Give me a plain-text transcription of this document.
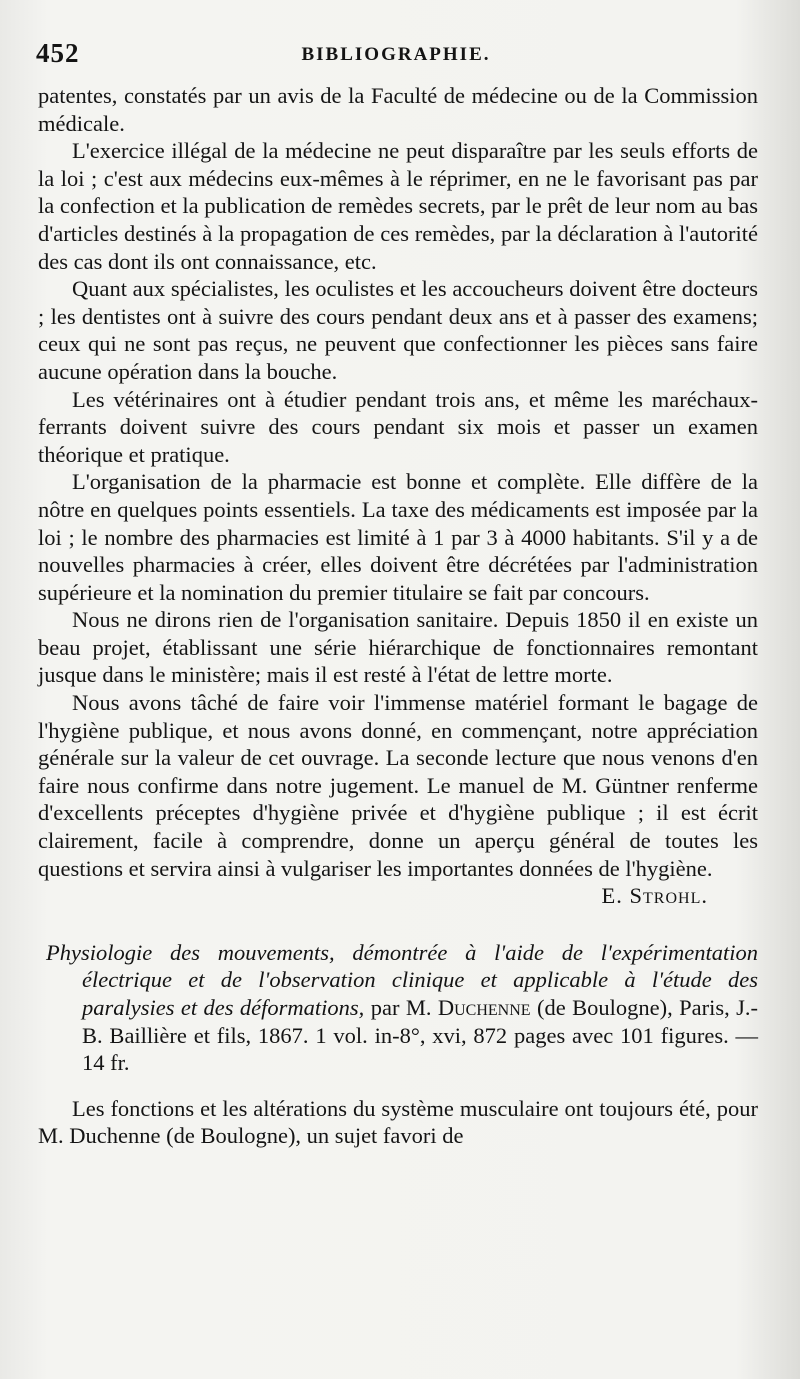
452	BIBLIOGRAPHIE.

patentes, constatés par un avis de la Faculté de médecine ou de la Commission médicale.

L'exercice illégal de la médecine ne peut disparaître par les seuls efforts de la loi ; c'est aux médecins eux-mêmes à le réprimer, en ne le favorisant pas par la confection et la publication de remèdes secrets, par le prêt de leur nom au bas d'articles destinés à la propagation de ces remèdes, par la déclaration à l'autorité des cas dont ils ont connaissance, etc.

Quant aux spécialistes, les oculistes et les accoucheurs doivent être docteurs ; les dentistes ont à suivre des cours pendant deux ans et à passer des examens; ceux qui ne sont pas reçus, ne peuvent que confectionner les pièces sans faire aucune opération dans la bouche.

Les vétérinaires ont à étudier pendant trois ans, et même les maréchaux-ferrants doivent suivre des cours pendant six mois et passer un examen théorique et pratique.

L'organisation de la pharmacie est bonne et complète. Elle diffère de la nôtre en quelques points essentiels. La taxe des médicaments est imposée par la loi ; le nombre des pharmacies est limité à 1 par 3 à 4000 habitants. S'il y a de nouvelles pharmacies à créer, elles doivent être décrétées par l'administration supérieure et la nomination du premier titulaire se fait par concours.

Nous ne dirons rien de l'organisation sanitaire. Depuis 1850 il en existe un beau projet, établissant une série hiérarchique de fonctionnaires remontant jusque dans le ministère; mais il est resté à l'état de lettre morte.

Nous avons tâché de faire voir l'immense matériel formant le bagage de l'hygiène publique, et nous avons donné, en commençant, notre appréciation générale sur la valeur de cet ouvrage. La seconde lecture que nous venons d'en faire nous confirme dans notre jugement. Le manuel de M. Güntner renferme d'excellents préceptes d'hygiène privée et d'hygiène publique ; il est écrit clairement, facile à comprendre, donne un aperçu général de toutes les questions et servira ainsi à vulgariser les importantes données de l'hygiène.

E. Strohl.

Physiologie des mouvements, démontrée à l'aide de l'expérimentation électrique et de l'observation clinique et applicable à l'étude des paralysies et des déformations, par M. Duchenne (de Boulogne), Paris, J.-B. Baillière et fils, 1867. 1 vol. in-8°, xvi, 872 pages avec 101 figures. — 14 fr.

Les fonctions et les altérations du système musculaire ont toujours été, pour M. Duchenne (de Boulogne), un sujet favori de
